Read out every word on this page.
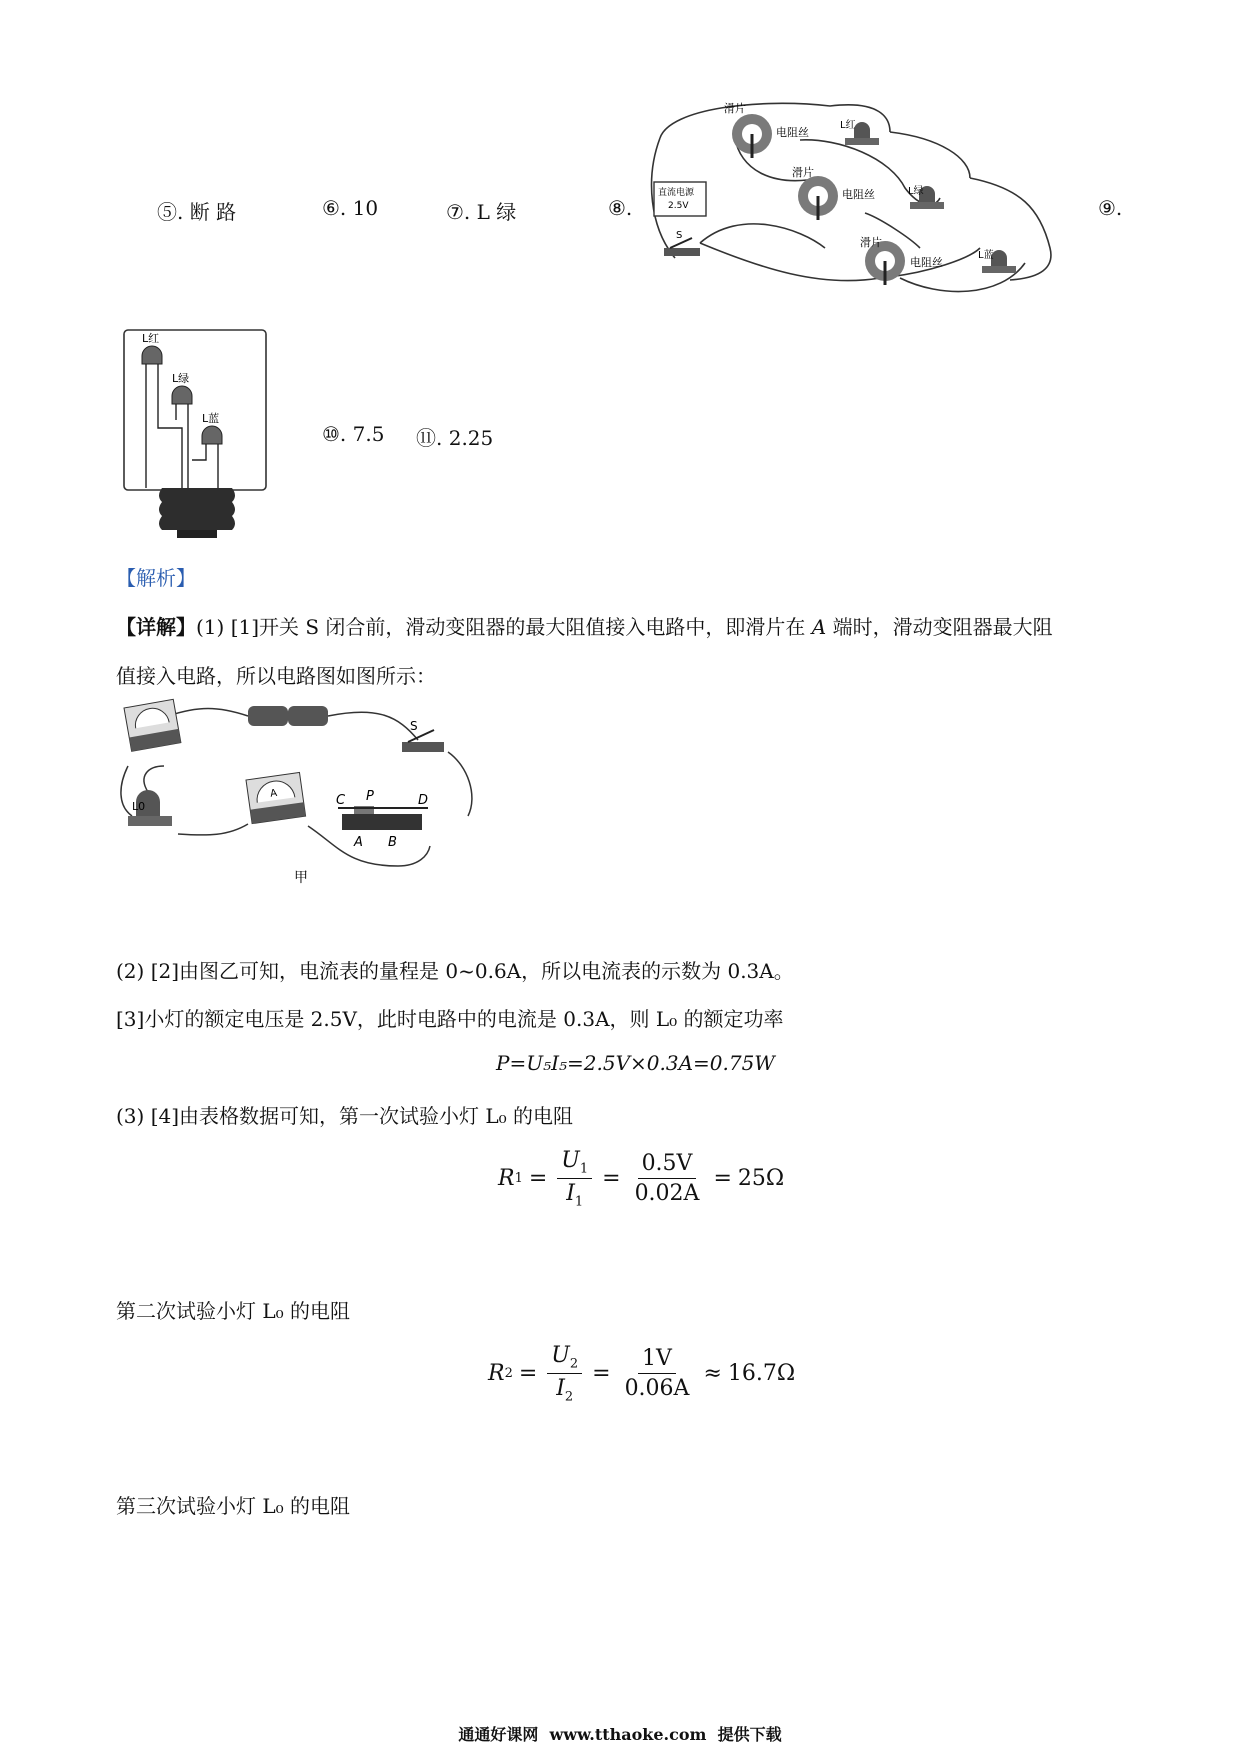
⑤. 断 路	⑥. 10	⑦. L 绿	⑧.	⑨.
滑片
电阻丝
滑片
电阻丝
滑片
电阻丝
L红
L绿
L蓝
直流电源
2.5V
S
L红
L绿
L蓝
⑩. 7.5 ⑪. 2.25
【解析】
【详解】(1) [1]开关 S 闭合前，滑动变阻器的最大阻值接入电路中，即滑片在 A 端时，滑动变阻器最大阻
值接入电路，所以电路图如图所示：
S
L0
A	C P	D
A B
甲
(2) [2]由图乙可知，电流表的量程是 0~0.6A，所以电流表的示数为 0.3A。
[3]小灯的额定电压是 2.5V，此时电路中的电流是 0.3A，则 L₀ 的额定功率
P=U₅I₅=2.5V×0.3A=0.75W
(3) [4]由表格数据可知，第一次试验小灯 L₀ 的电阻
R $1 = \frac{U_1}{I_1} = \frac{0.5V}{0.02A} = 25\Omega$
第二次试验小灯 L₀ 的电阻
R $2 = \frac{U_2}{I_2} = \frac{1V}{0.06A} \approx 16.7\Omega$
第三次试验小灯 L₀ 的电阻
通通好课网  www.tthaoke.com  提供下载
